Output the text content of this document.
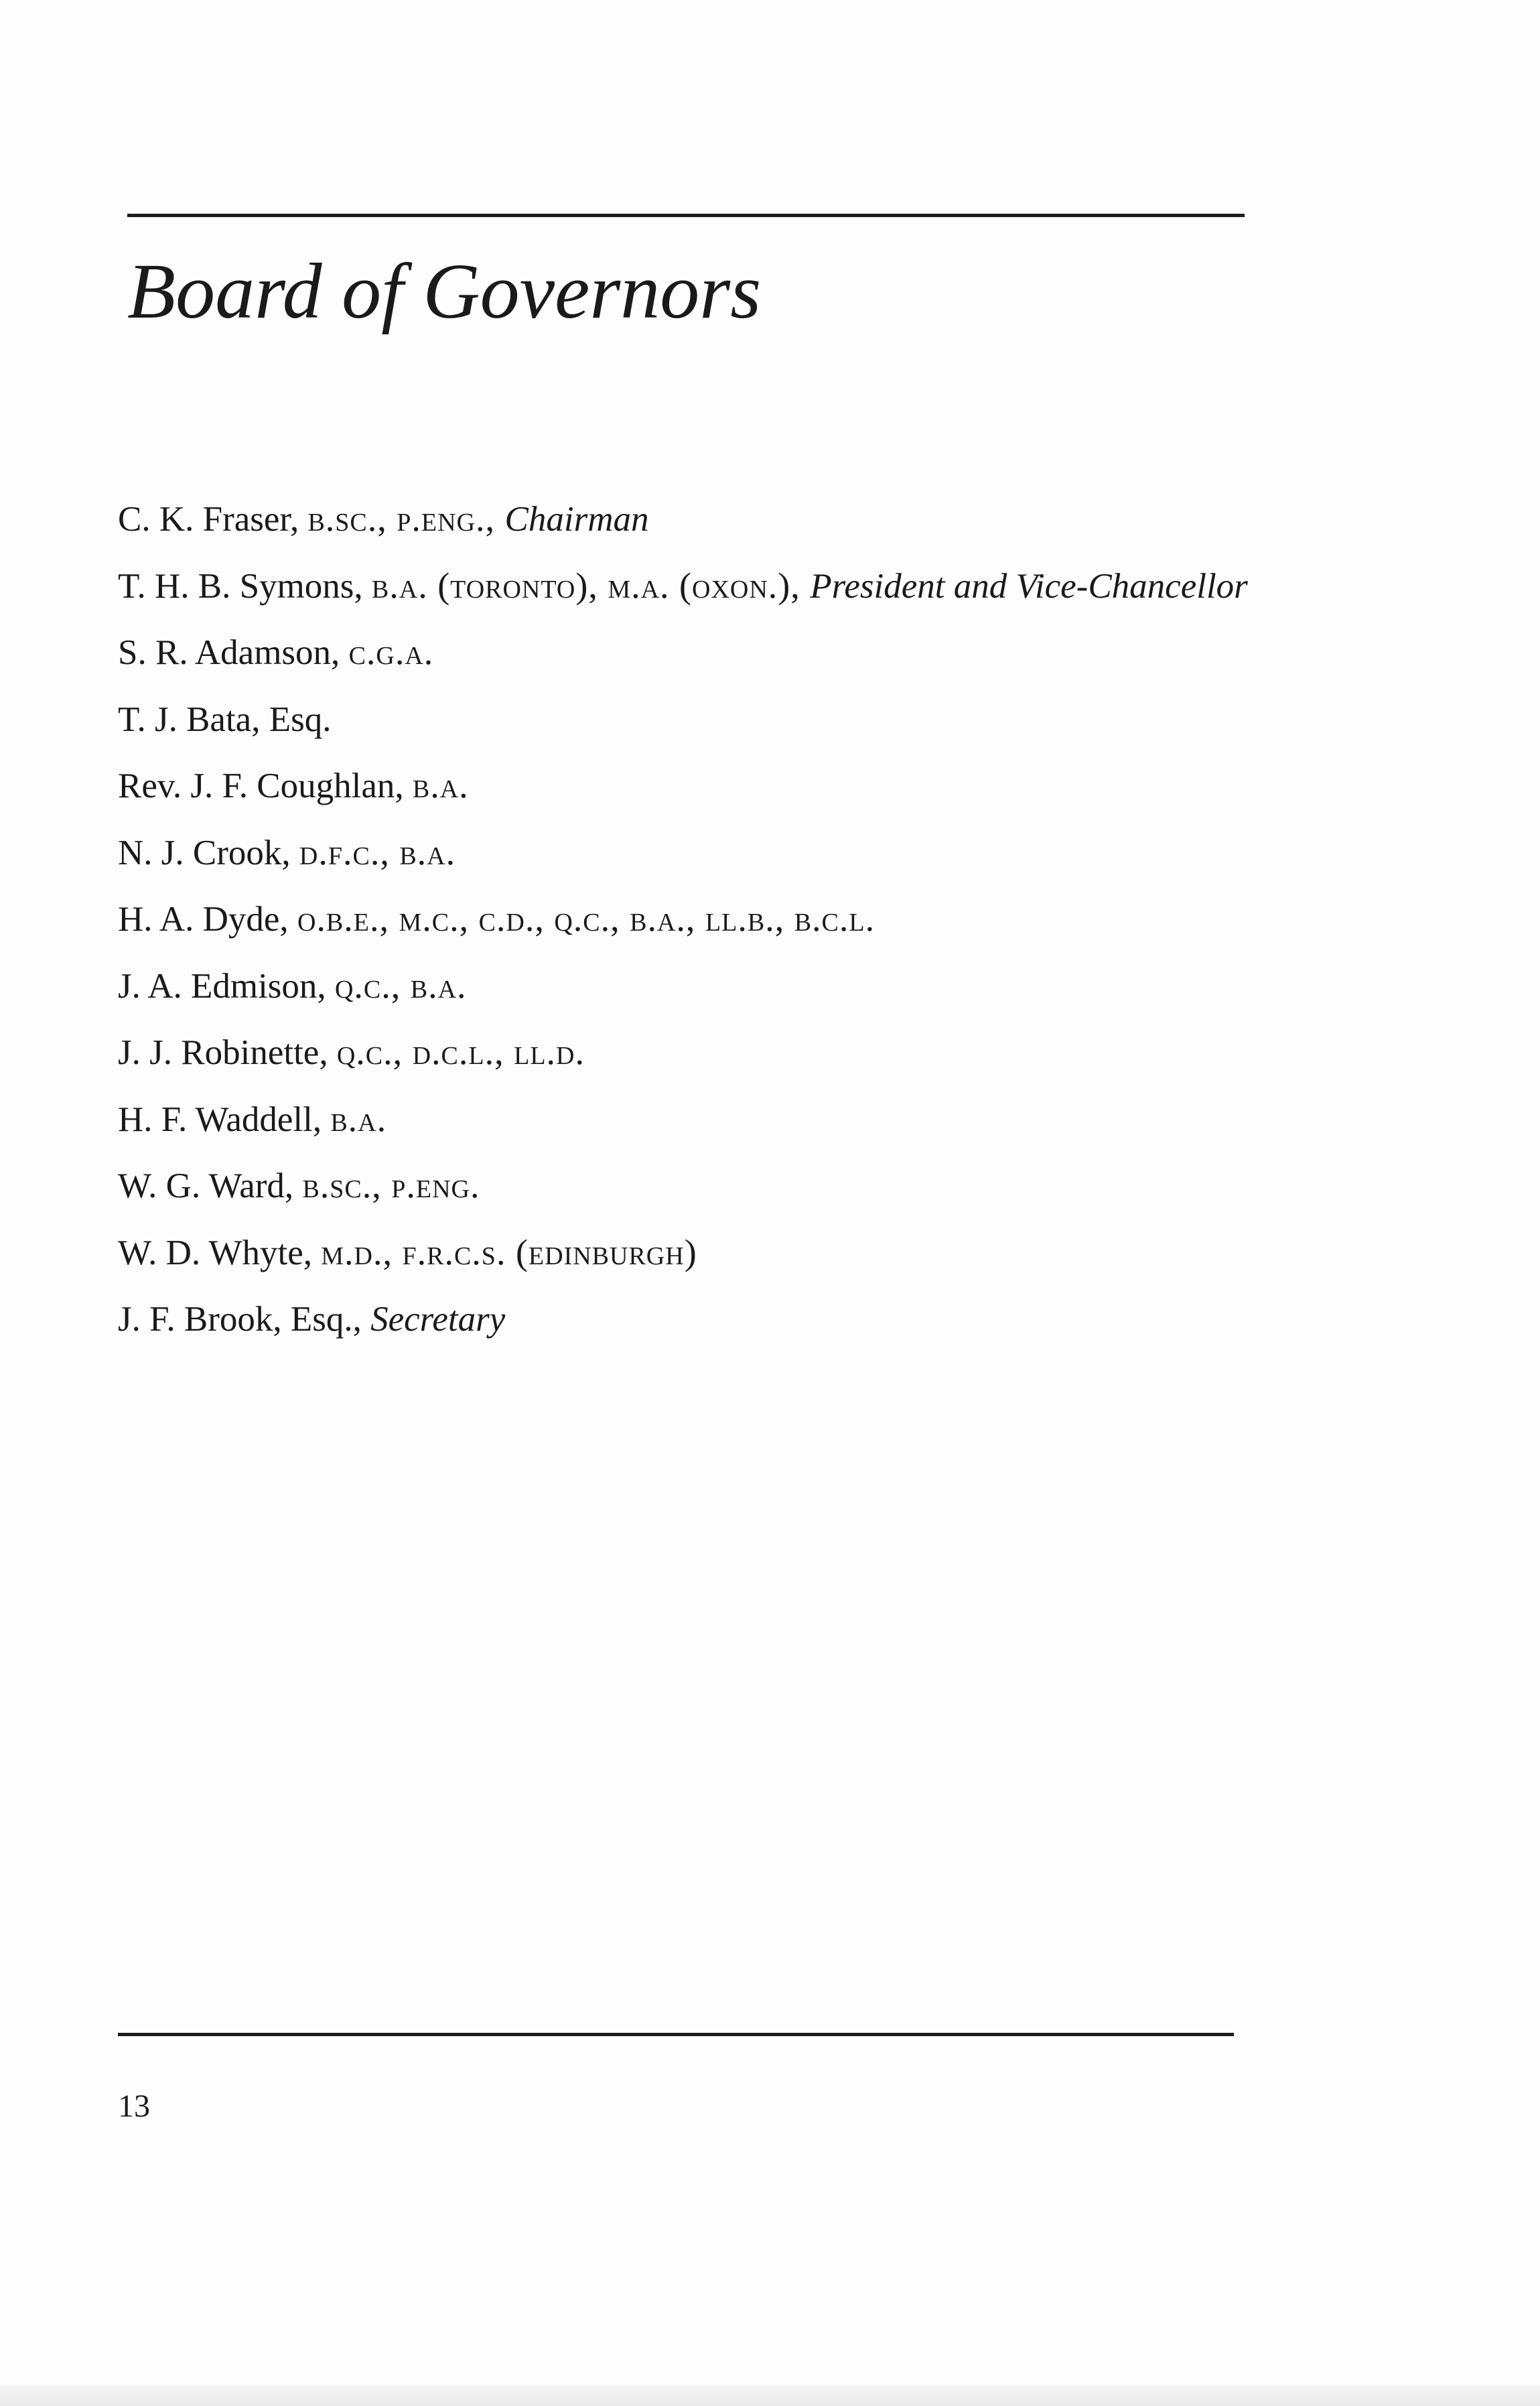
Board of Governors
C. K. Fraser, b.sc., p.eng., Chairman
T. H. B. Symons, b.a. (toronto), m.a. (oxon.), President and Vice-Chancellor
S. R. Adamson, c.g.a.
T. J. Bata, Esq.
Rev. J. F. Coughlan, b.a.
N. J. Crook, d.f.c., b.a.
H. A. Dyde, o.b.e., m.c., c.d., q.c., b.a., ll.b., b.c.l.
J. A. Edmison, q.c., b.a.
J. J. Robinette, q.c., d.c.l., ll.d.
H. F. Waddell, b.a.
W. G. Ward, b.sc., p.eng.
W. D. Whyte, m.d., f.r.c.s. (edinburgh)
J. F. Brook, Esq., Secretary
13
